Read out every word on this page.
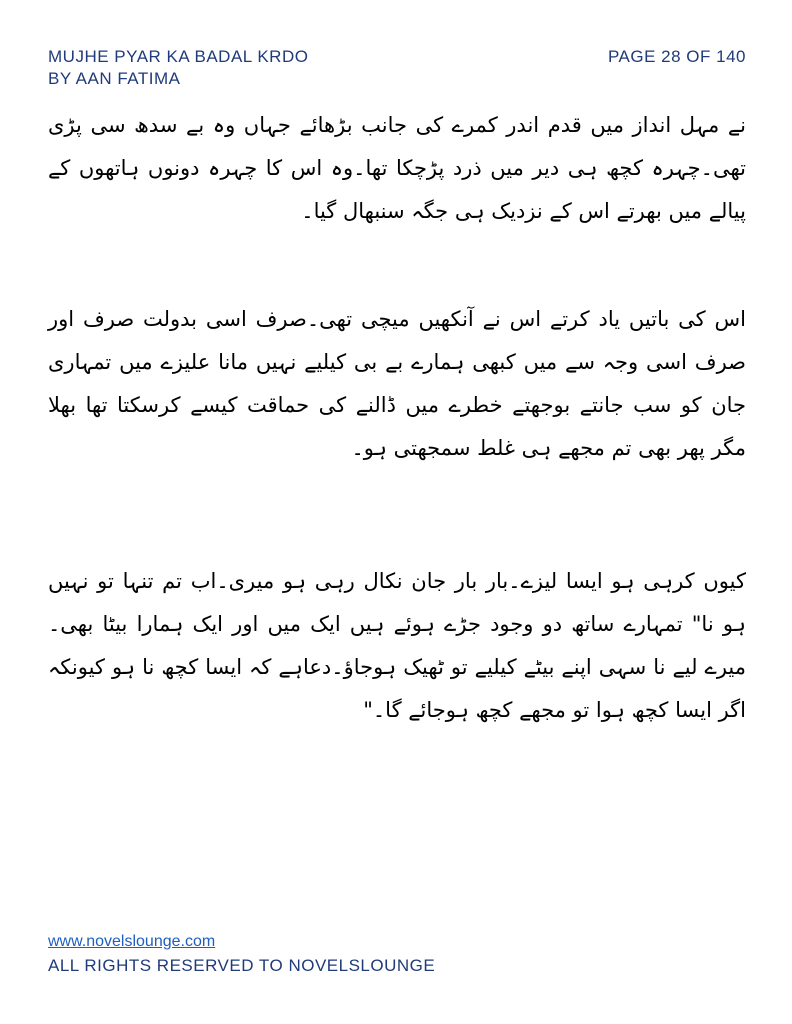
MUJHE PYAR KA BADAL KRDO
BY AAN FATIMA
PAGE 28 OF 140
نے مہل انداز میں قدم اندر کمرے کی جانب بڑھائے جہاں وہ بے سدھ سی پڑی تھی۔چہرہ کچھ ہی دیر میں ذرد پڑچکا تھا۔وہ اس کا چہرہ دونوں ہاتھوں کے پیالے میں بھرتے اس کے نزدیک ہی جگہ سنبھال گیا۔
اس کی باتیں یاد کرتے اس نے آنکھیں میچی تھی۔صرف اسی بدولت صرف اور صرف اسی وجہ سے میں کبھی ہمارے بے بی کیلیے نہیں مانا علیزے میں تمہاری جان کو سب جانتے بوجھتے خطرے میں ڈالنے کی حماقت کیسے کرسکتا تھا بھلا مگر پھر بھی تم مجھے ہی غلط سمجھتی ہو۔
کیوں کرہی ہو ایسا لیزے۔بار بار جان نکال رہی ہو میری۔اب تم تنہا تو نہیں ہو نا" تمہارے ساتھ دو وجود جڑے ہوئے ہیں ایک میں اور ایک ہمارا بیٹا بھی۔میرے لیے نا سہی اپنے بیٹے کیلیے تو ٹھیک ہوجاؤ۔دعاہے کہ ایسا کچھ نا ہو کیونکہ اگر ایسا کچھ ہوا تو مجھے کچھ ہوجائے گا۔"
www.novelslounge.com
ALL RIGHTS RESERVED TO NOVELSLOUNGE
